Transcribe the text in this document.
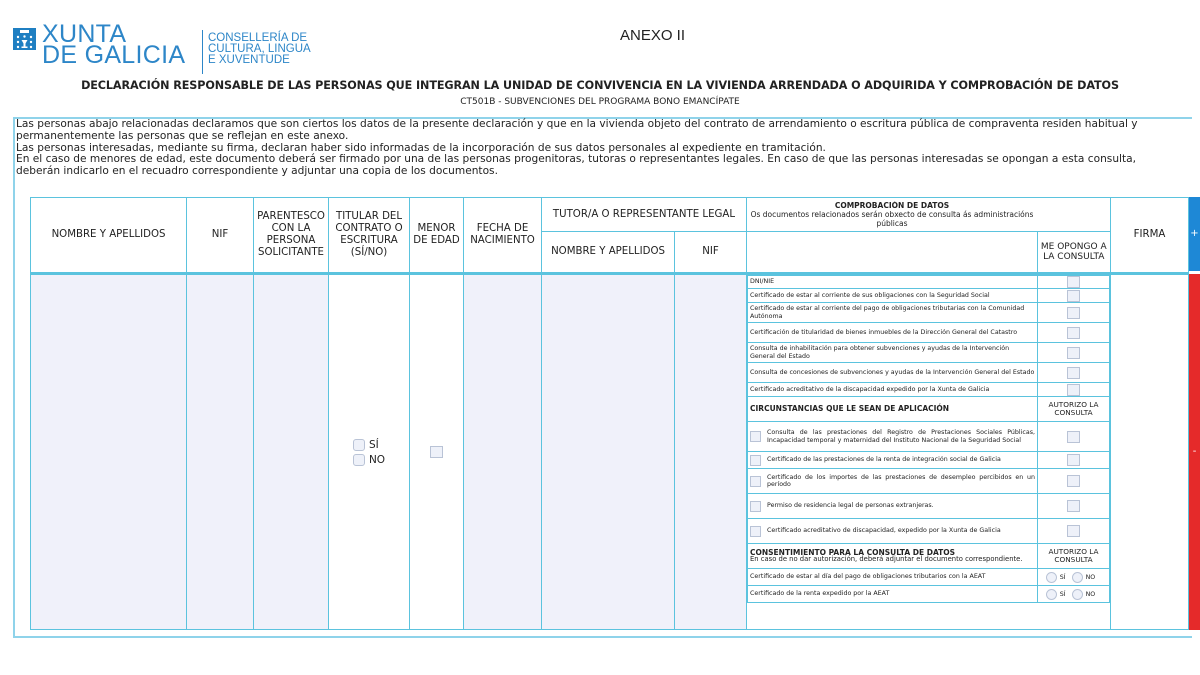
XUNTA
DE GALICIA
CONSELLERÍA DE
CULTURA, LINGUA
E XUVENTUDE
ANEXO II
DECLARACIÓN RESPONSABLE DE LAS PERSONAS QUE INTEGRAN LA UNIDAD DE CONVIVENCIA EN LA VIVIENDA ARRENDADA O ADQUIRIDA Y COMPROBACIÓN DE DATOS
CT501B - SUBVENCIONES DEL PROGRAMA BONO EMANCÍPATE

Las personas abajo relacionadas declaramos que son ciertos los datos de la presente declaración y que en la vivienda objeto del contrato de arrendamiento o escritura pública de compraventa residen habitual y

permanentemente las personas que se reflejan en este anexo.

Las personas interesadas, mediante su firma, declaran haber sido informadas de la incorporación de sus datos personales al expediente en tramitación.

En el caso de menores de edad, este documento deberá ser firmado por una de las personas progenitoras, tutoras o representantes legales. En caso de que las personas interesadas se opongan a esta consulta,

deberán indicarlo en el recuadro correspondiente y adjuntar una copia de los documentos.

NOMBRE Y APELLIDOS	NIF	PARENTESCO CON LA PERSONA SOLICITANTE	TITULAR DEL CONTRATO O ESCRITURA (SÍ/NO)	MENOR DE EDAD	FECHA DE NACIMIENTO	TUTOR/A O REPRESENTANTE LEGAL	
COMPROBACIÓN DE DATOS
Os documentos relacionados serán obxecto de consulta ás administracións públicas

	FIRMA
NOMBRE Y APELLIDOS	NIF	
		ME OPONGO A LA CONSULTA

SÍ
NO

DNI/NIE	
Certificado de estar al corriente de sus obligaciones con la Seguridad Social	
Certificado de estar al corriente del pago de obligaciones tributarias con la Comunidad Autónoma	
Certificación de titularidad de bienes inmuebles de la Dirección General del Catastro	
Consulta de inhabilitación para obtener subvenciones y ayudas de la Intervención General del Estado	
Consulta de concesiones de subvenciones y ayudas de la Intervención General del Estado	
Certificado acreditativo de la discapacidad expedido por la Xunta de Galicia	
CIRCUNSTANCIAS QUE LE SEAN DE APLICACIÓN	AUTORIZO LA CONSULTA

Consulta de las prestaciones del Registro de Prestaciones Sociales Públicas, Incapacidad temporal y maternidad del Instituto Nacional de la Seguridad Social

Certificado de las prestaciones de la renta de integración social de Galicia

Certificado de los importes de las prestaciones de desempleo percibidos en un período

Permiso de residencia legal de personas extranjeras.

Certificado acreditativo de discapacidad, expedido por la Xunta de Galicia

CONSENTIMIENTO PARA LA CONSULTA DE DATOS
En caso de no dar autorización, deberá adjuntar el documento correspondiente.
	AUTORIZO LA CONSULTA
Certificado de estar al día del pago de obligaciones tributarios con la AEAT	SÍ	NO
Certificado de la renta expedido por la AEAT	SÍ	NO

+
-
